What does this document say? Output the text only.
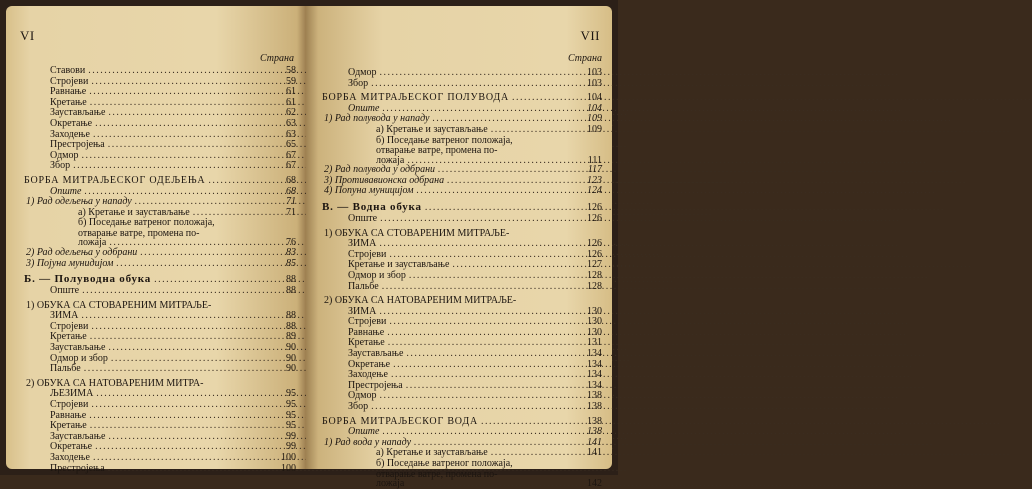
VI
Страна
Ставови .....	58
Стројеви .....	59
Равнање .....	61
Кретање .....	61
Заустављање .....	62
Окретање .....	63
Заходење .....	63
Престројења .....	65
Одмор .....	67
Збор .....	67
БОРБА МИТРАЉЕСКОГ ОДЕЉЕЊА .....	68
Опште .....	68
1) Рад одељења у нападу .....	71
а) Кретање и заустављање .....	71
б) Поседање ватреног положаја,
отварање ватре, промена по-
ложаја .....	76
2) Рад одељења у одбрани .....	83
3) Појуна мунидијом .....	85
Б. — Полуводна обука .....	88
Опште .....	88
1) ОБУКА СА СТОВАРЕНИМ МИТРАЉЕ-
ЗИМА .....	88
Стројеви .....	88
Кретање .....	89
Заустављање .....	90
Одмор и збор .....	90
Пальбе .....	90
2) ОБУКА СА НАТОВАРЕНИМ МИТРА-
ЉЕЗИМА .....	95
Стројеви .....	95
Равнање .....	95
Кретање .....	95
Заустављање .....	99
Окретање .....	99
Заходење .....	100
Престројења .....	100
VII
Страна
Одмор .....	103
Збор .....	103
БОРБА МИТРАЉЕСКОГ ПОЛУВОДА .....	104
Опште .....	104
1) Рад полувода у нападу .....	109
а) Кретање и заустављање .....	109
б) Поседање ватреног положаја,
отварање ватре, промена по-
ложаја .....	111
2) Рад полувода у одбрани .....	117
3) Противавионска одбрана .....	123
4) Попуна муницијом .....	124
В. — Водна обука .....	126
Опште .....	126
1) ОБУКА СА СТОВАРЕНИМ МИТРАЉЕ-
ЗИМА .....	126
Стројеви .....	126
Кретање и заустављање .....	127
Одмор и збор .....	128
Пальбе .....	128
2) ОБУКА СА НАТОВАРЕНИМ МИТРАЉЕ-
ЗИМА .....	130
Стројеви .....	130
Равнање .....	130
Кретање .....	131
Заустављање .....	134
Окретање .....	134
Заходење .....	134
Престројења .....	134
Одмор .....	138
Збор .....	138
БОРБА МИТРАЉЕСКОГ ВОДА .....	138
Опште .....	138
1) Рад вода у нападу .....	141
а) Кретање и заустављање .....	141
б) Поседање ватреног положаја,
отварање ватре, промена по-
ложаја .....	142
